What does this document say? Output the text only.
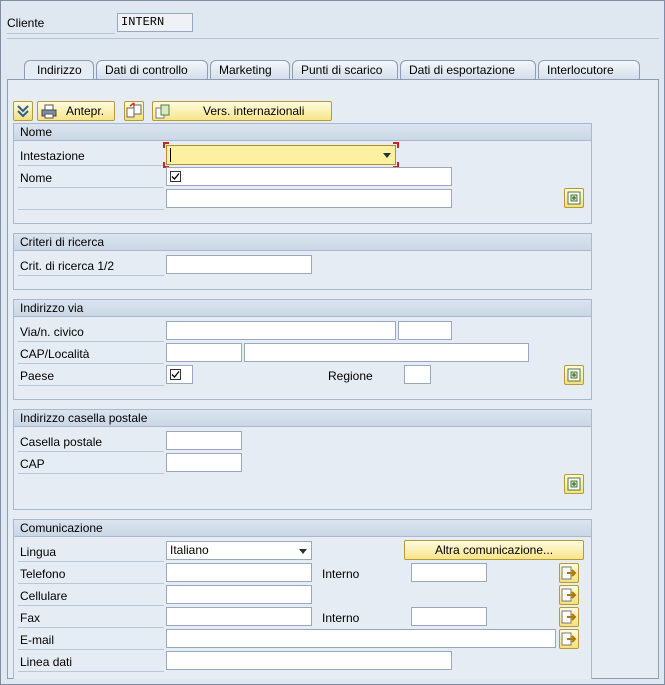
Cliente	INTERN
Indirizzo	Dati di controllo	Marketing	Punti di scarico	Dati di esportazione	Interlocutore
Antepr.	Vers. internazionali
Nome
Intestazione
Nome
Criteri di ricerca
Crit. di ricerca 1/2
Indirizzo via
Via/n. civico
CAP/Località
Paese	Regione
Indirizzo casella postale
Casella postale
CAP
Comunicazione
Lingua	Italiano	Altra comunicazione...
Telefono	Interno
Cellulare
Fax	Interno
E-mail
Linea dati
